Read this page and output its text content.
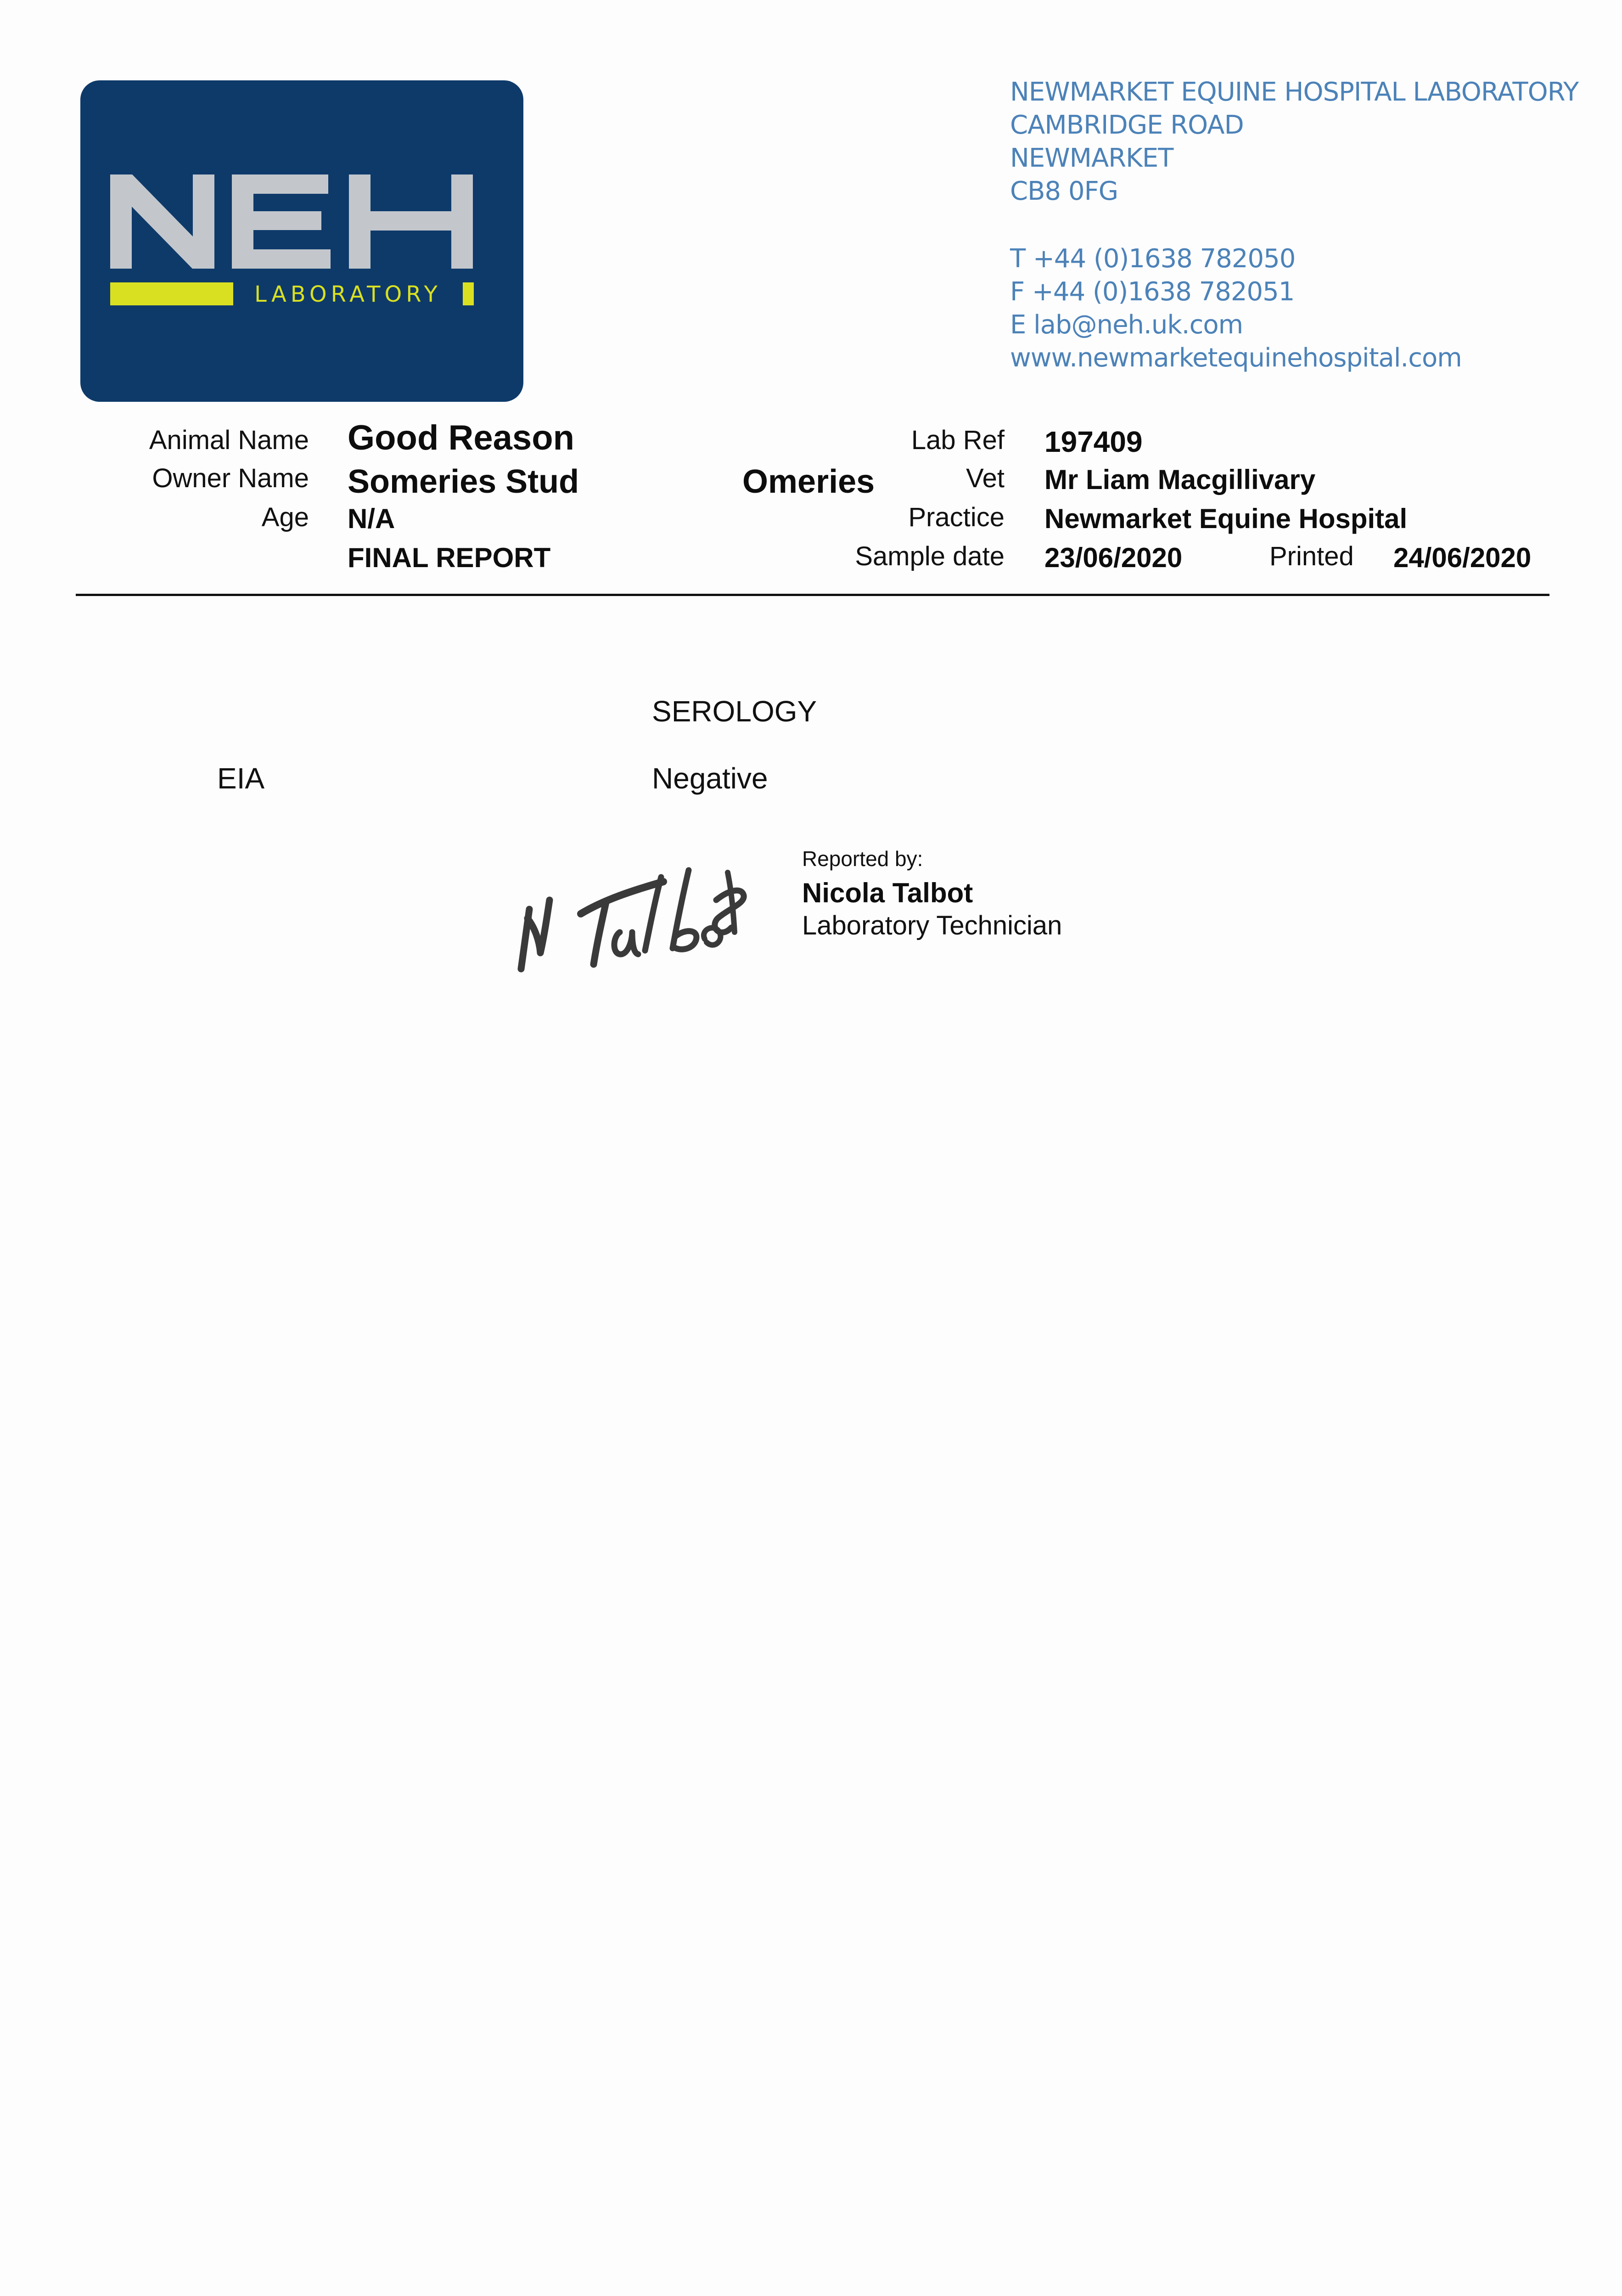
LABORATORY
NEWMARKET EQUINE HOSPITAL LABORATORY
CAMBRIDGE ROAD
NEWMARKET
CB8 0FG
T +44 (0)1638 782050
F +44 (0)1638 782051
E lab@neh.uk.com
www.newmarketequinehospital.com
Animal Name
Owner Name
Age
Good Reason
Someries Stud
N/A
FINAL REPORT
Omeries
Lab Ref
Vet
Practice
Sample date
197409
Mr Liam Macgillivary
Newmarket Equine Hospital
23/06/2020	Printed 24/06/2020
SEROLOGY
EIA	Negative
Reported by:
Nicola Talbot
Laboratory Technician
